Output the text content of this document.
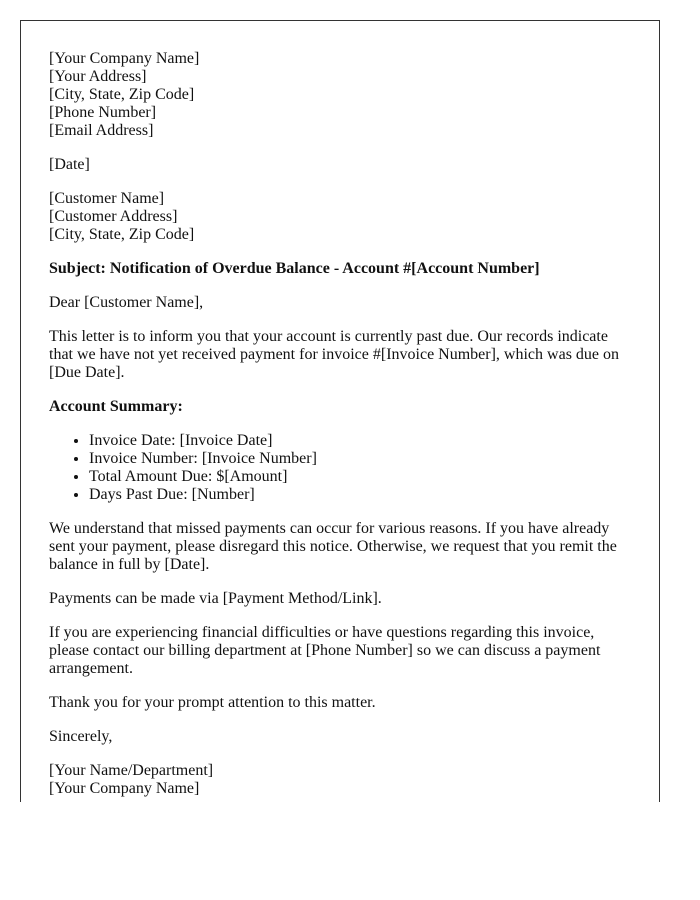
[Your Company Name]
[Your Address]
[City, State, Zip Code]
[Phone Number]
[Email Address]

[Date]

[Customer Name]
[Customer Address]
[City, State, Zip Code]

Subject: Notification of Overdue Balance - Account #[Account Number]

Dear [Customer Name],

This letter is to inform you that your account is currently past due. Our records indicate that we have not yet received payment for invoice #[Invoice Number], which was due on [Due Date].

Account Summary:

• Invoice Date: [Invoice Date]
• Invoice Number: [Invoice Number]
• Total Amount Due: $[Amount]
• Days Past Due: [Number]

We understand that missed payments can occur for various reasons. If you have already sent your payment, please disregard this notice. Otherwise, we request that you remit the balance in full by [Date].

Payments can be made via [Payment Method/Link].

If you are experiencing financial difficulties or have questions regarding this invoice, please contact our billing department at [Phone Number] so we can discuss a payment arrangement.

Thank you for your prompt attention to this matter.

Sincerely,

[Your Name/Department]
[Your Company Name]
